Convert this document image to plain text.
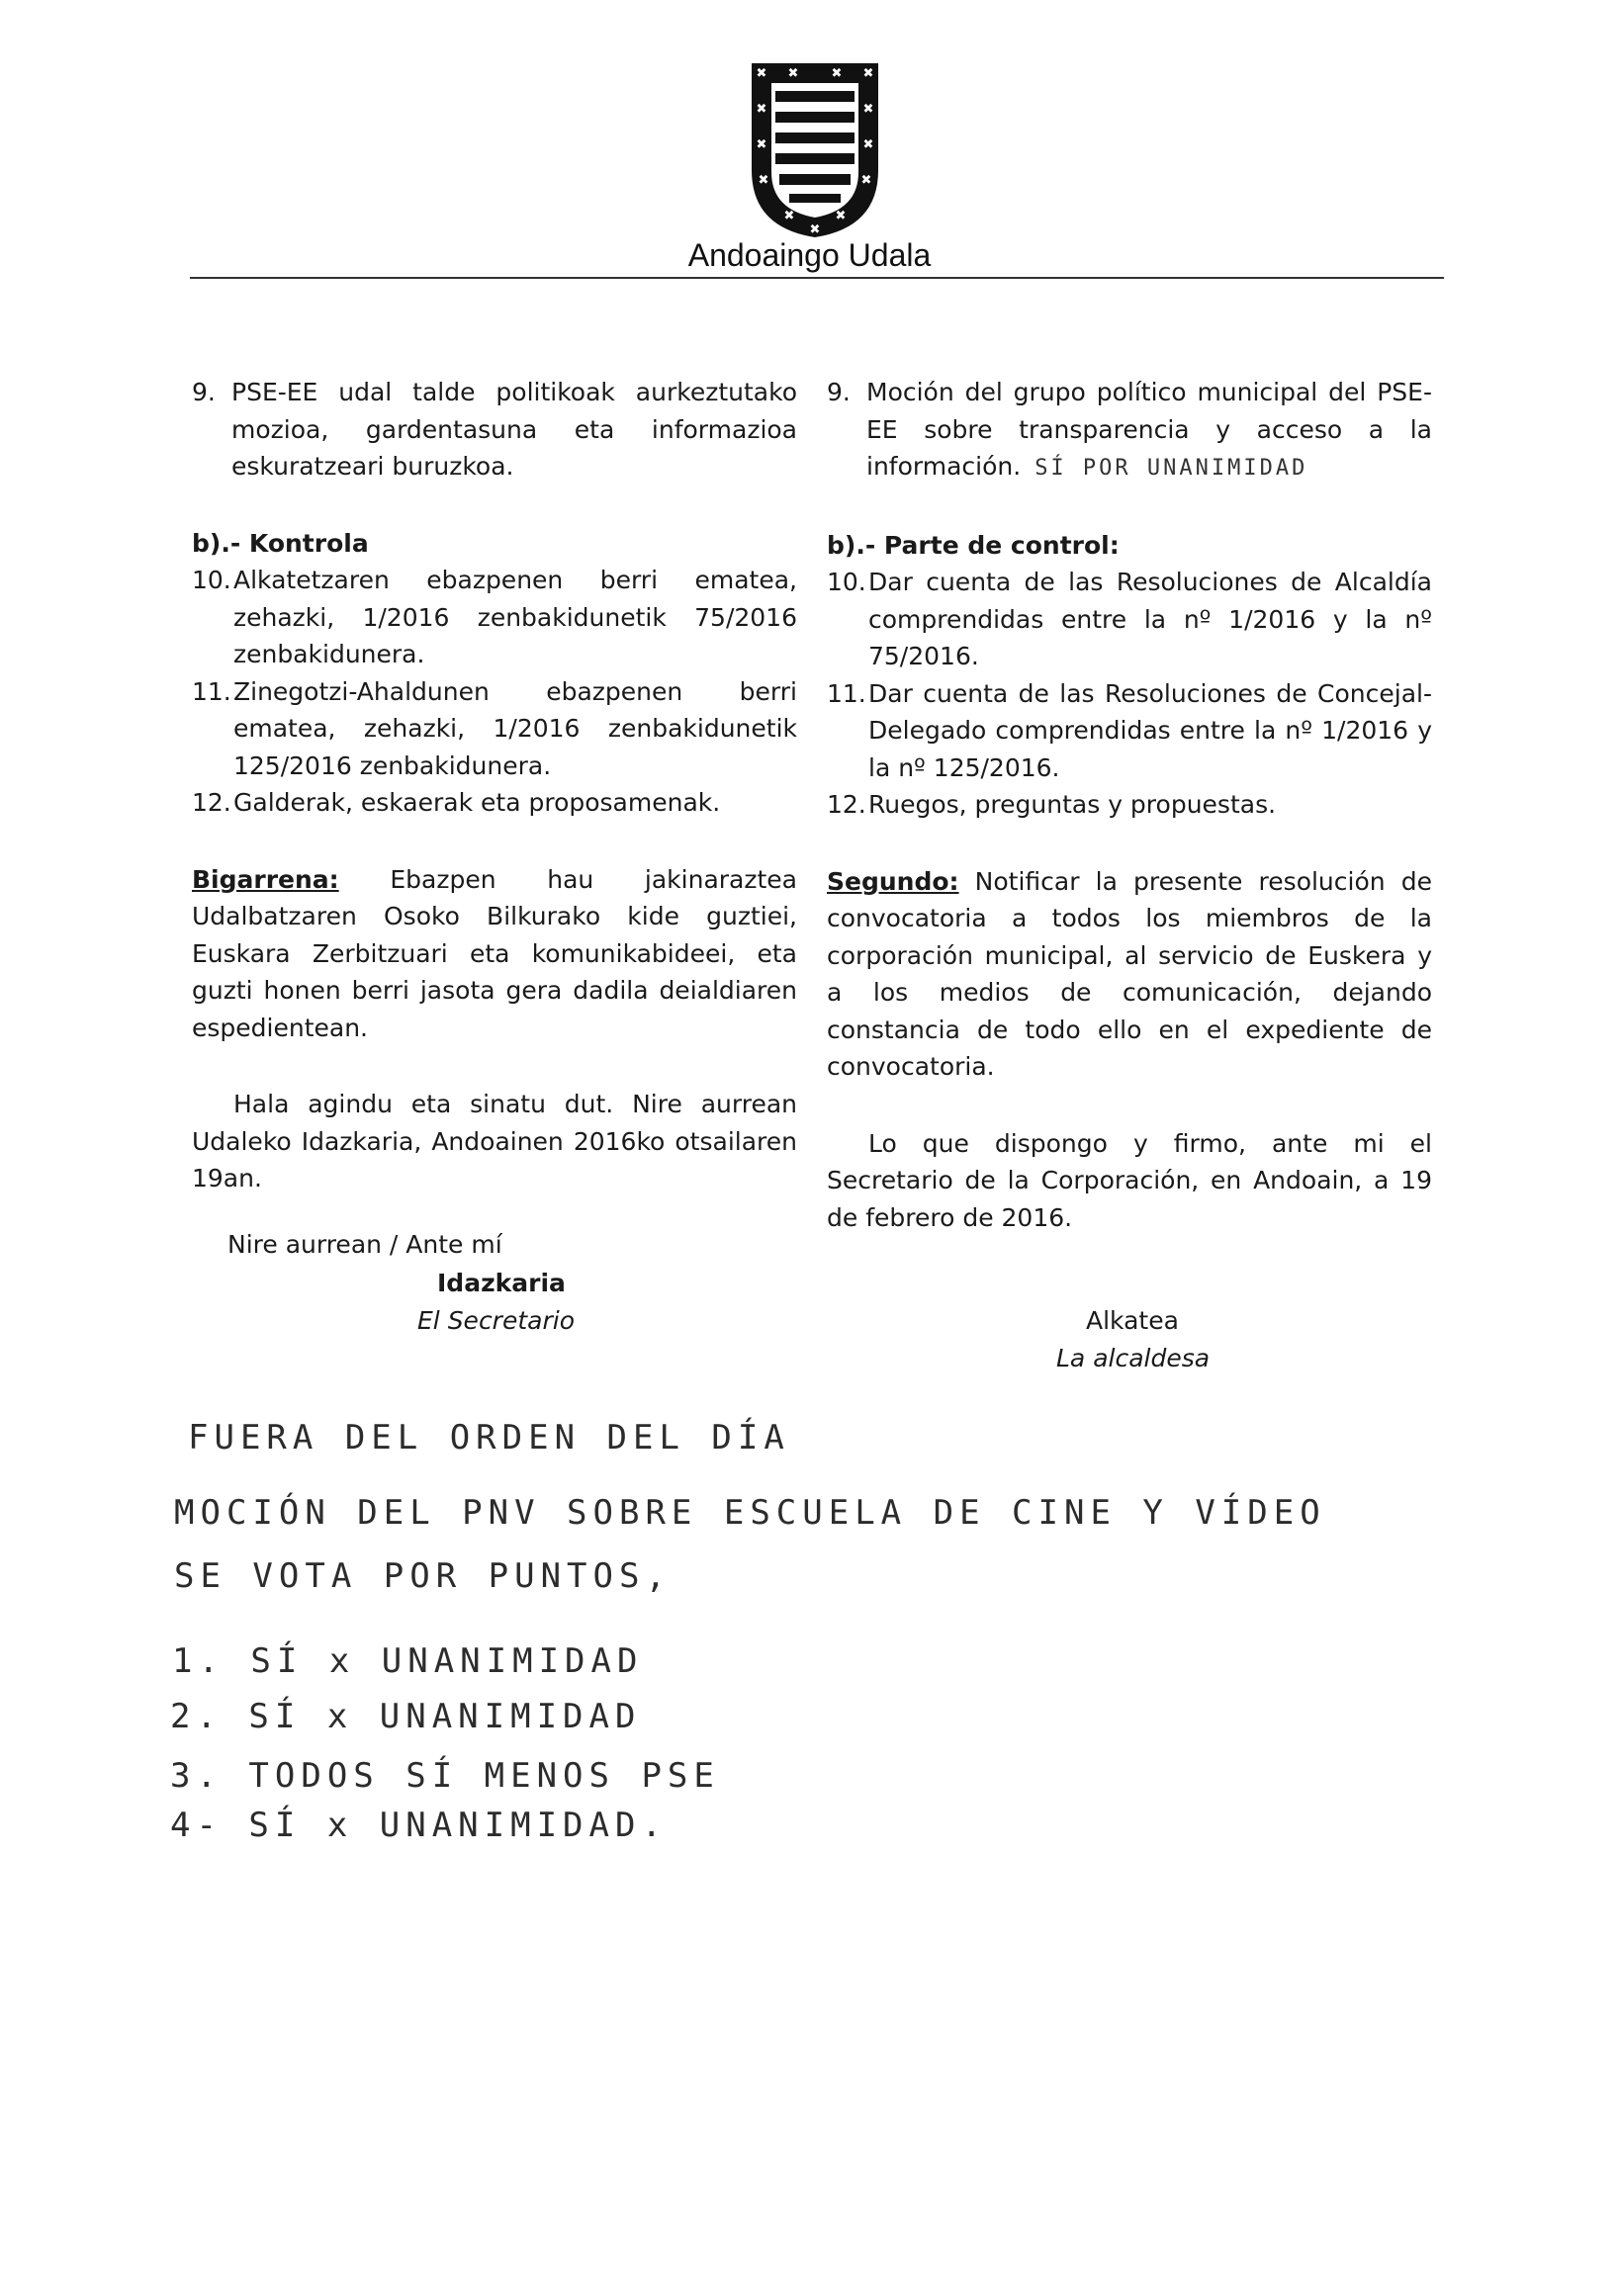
✖ ✖	✖ ✖
✖	✖
✖	✖
✖	✖
✖	✖
✖
Andoaingo Udala
9. PSE-EE udal talde politikoak aurkeztutako mozioa, gardentasuna eta informazioa eskuratzeari buruzkoa.
b).- Kontrola
10. Alkatetzaren ebazpenen berri ematea, zehazki, 1/2016 zenbakidunetik 75/2016 zenbakidunera.
11. Zinegotzi-Ahaldunen ebazpenen berri ematea, zehazki, 1/2016 zenbakidunetik 125/2016 zenbakidunera.
12. Galderak, eskaerak eta proposamenak.
Bigarrena: Ebazpen hau jakinaraztea Udalbatzaren Osoko Bilkurako kide guztiei, Euskara Zerbitzuari eta komunikabideei, eta guzti honen berri jasota gera dadila deialdiaren espedientean.
Hala agindu eta sinatu dut. Nire aurrean Udaleko Idazkaria, Andoainen 2016ko otsailaren 19an.
9. Moción del grupo político municipal del PSE-EE sobre transparencia y acceso a la información. SÍ POR UNANIMIDAD
b).- Parte de control:
10. Dar cuenta de las Resoluciones de Alcaldía comprendidas entre la nº 1/2016 y la nº 75/2016.
11. Dar cuenta de las Resoluciones de Concejal-Delegado comprendidas entre la nº 1/2016 y la nº 125/2016.
12. Ruegos, preguntas y propuestas.
Segundo: Notificar la presente resolución de convocatoria a todos los miembros de la corporación municipal, al servicio de Euskera y a los medios de comunicación, dejando constancia de todo ello en el expediente de convocatoria.
Lo que dispongo y firmo, ante mi el Secretario de la Corporación, en Andoain, a 19 de febrero de 2016.
Nire aurrean / Ante mí
Idazkaria
El Secretario	Alkatea
La alcaldesa
FUERA DEL ORDEN DEL DÍA
MOCIÓN DEL PNV SOBRE ESCUELA DE CINE Y VÍDEO
SE VOTA POR PUNTOS,
1. SÍ x UNANIMIDAD
2. SÍ x UNANIMIDAD
3. TODOS SÍ MENOS PSE
4- SÍ x UNANIMIDAD.
